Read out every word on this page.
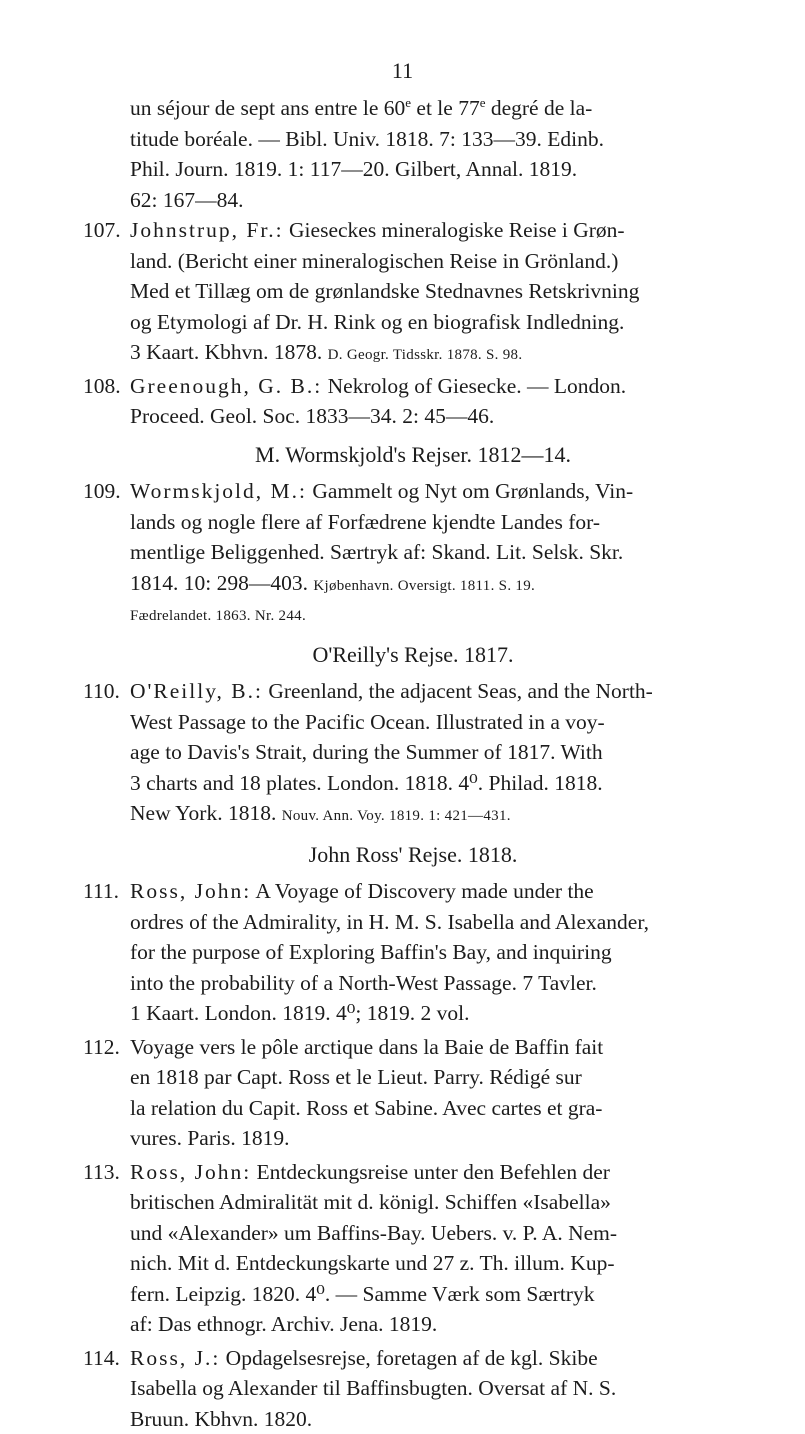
11
un séjour de sept ans entre le 60e et le 77e degré de la-
titude boréale. — Bibl. Univ. 1818. 7: 133—39. Edinb.
Phil. Journ. 1819. 1: 117—20. Gilbert, Annal. 1819.
62: 167—84.
107. Johnstrup, Fr.: Gieseckes mineralogiske Reise i Grøn-
land. (Bericht einer mineralogischen Reise in Grönland.)
Med et Tillæg om de grønlandske Stednavnes Retskrivning
og Etymologi af Dr. H. Rink og en biografisk Indledning.
3 Kaart. Kbhvn. 1878. D. Geogr. Tidsskr. 1878. S. 98.
108. Greenough, G. B.: Nekrolog of Giesecke. — London.
Proceed. Geol. Soc. 1833—34. 2: 45—46.
M. Wormskjold's Rejser. 1812—14.
109. Wormskjold, M.: Gammelt og Nyt om Grønlands, Vin-
lands og nogle flere af Forfædrene kjendte Landes for-
mentlige Beliggenhed. Særtryk af: Skand. Lit. Selsk. Skr.
1814. 10: 298—403. Kjøbenhavn. Oversigt. 1811. S. 19.
Fædrelandet. 1863. Nr. 244.
O'Reilly's Rejse. 1817.
110. O'Reilly, B.: Greenland, the adjacent Seas, and the North-
West Passage to the Pacific Ocean. Illustrated in a voy-
age to Davis's Strait, during the Summer of 1817. With
3 charts and 18 plates. London. 1818. 4⁰. Philad. 1818.
New York. 1818. Nouv. Ann. Voy. 1819. 1: 421—431.
John Ross' Rejse. 1818.
111. Ross, John: A Voyage of Discovery made under the
ordres of the Admirality, in H. M. S. Isabella and Alexander,
for the purpose of Exploring Baffin's Bay, and inquiring
into the probability of a North-West Passage. 7 Tavler.
1 Kaart. London. 1819. 4⁰; 1819. 2 vol.
112. Voyage vers le pôle arctique dans la Baie de Baffin fait
en 1818 par Capt. Ross et le Lieut. Parry. Rédigé sur
la relation du Capit. Ross et Sabine. Avec cartes et gra-
vures. Paris. 1819.
113. Ross, John: Entdeckungsreise unter den Befehlen der
britischen Admiralität mit d. königl. Schiffen «Isabella»
und «Alexander» um Baffins-Bay. Uebers. v. P. A. Nem-
nich. Mit d. Entdeckungskarte und 27 z. Th. illum. Kup-
fern. Leipzig. 1820. 4⁰. — Samme Værk som Særtryk
af: Das ethnogr. Archiv. Jena. 1819.
114. Ross, J.: Opdagelsesrejse, foretagen af de kgl. Skibe
Isabella og Alexander til Baffinsbugten. Oversat af N. S.
Bruun. Kbhvn. 1820.
